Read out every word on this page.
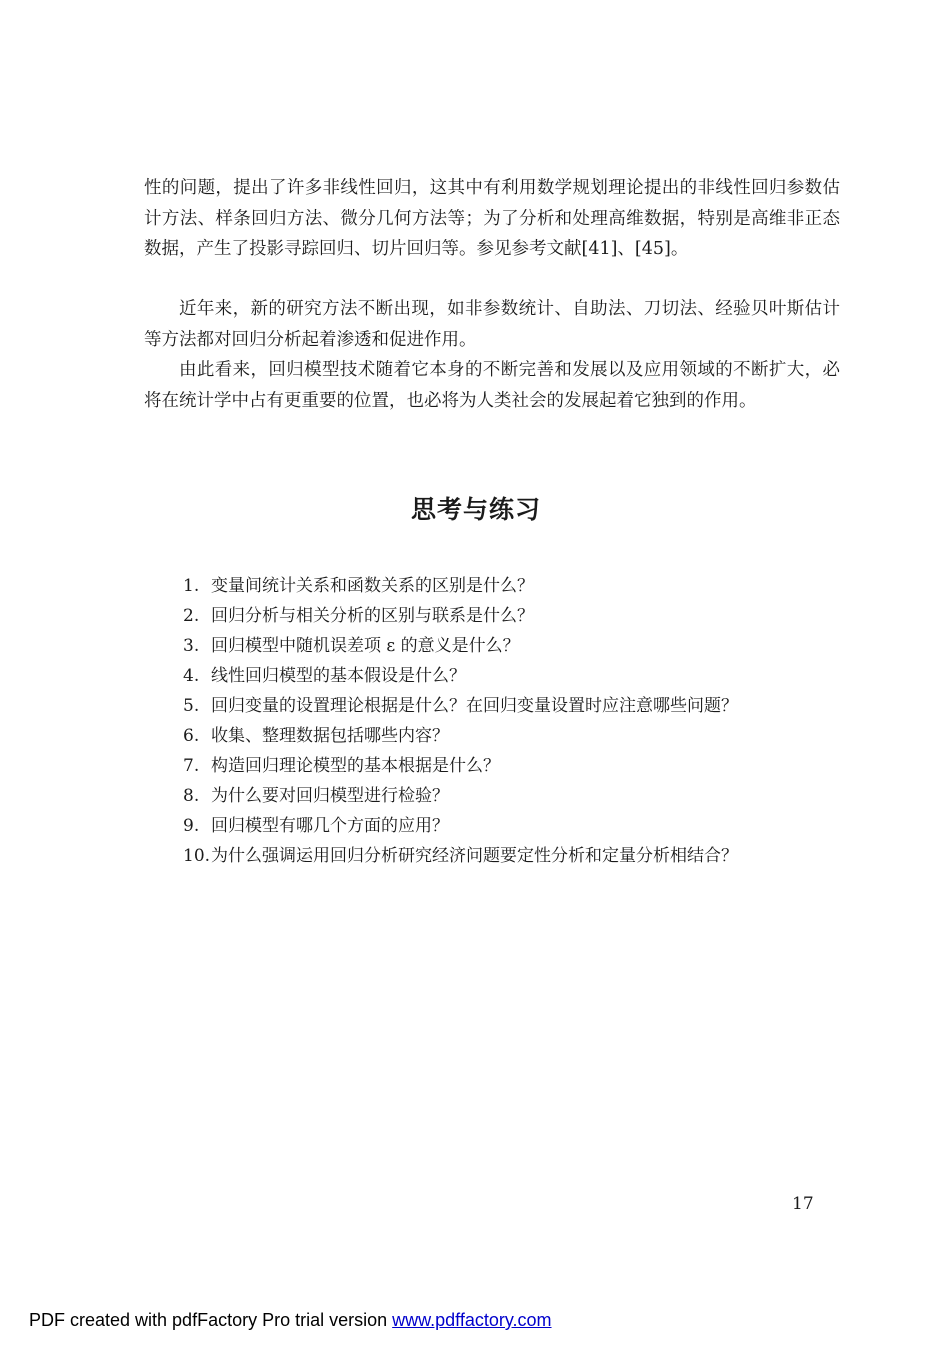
性的问题，提出了许多非线性回归，这其中有利用数学规划理论提出的非线性回归参数估计方法、样条回归方法、微分几何方法等；为了分析和处理高维数据，特别是高维非正态数据，产生了投影寻踪回归、切片回归等。参见参考文献[41]、[45]。

近年来，新的研究方法不断出现，如非参数统计、自助法、刀切法、经验贝叶斯估计等方法都对回归分析起着渗透和促进作用。

由此看来，回归模型技术随着它本身的不断完善和发展以及应用领域的不断扩大，必将在统计学中占有更重要的位置，也必将为人类社会的发展起着它独到的作用。

思考与练习
1. 变量间统计关系和函数关系的区别是什么？
2. 回归分析与相关分析的区别与联系是什么？
3. 回归模型中随机误差项 ε 的意义是什么？
4. 线性回归模型的基本假设是什么？
5. 回归变量的设置理论根据是什么？在回归变量设置时应注意哪些问题？
6. 收集、整理数据包括哪些内容？
7. 构造回归理论模型的基本根据是什么？
8. 为什么要对回归模型进行检验？
9. 回归模型有哪几个方面的应用？
10.为什么强调运用回归分析研究经济问题要定性分析和定量分析相结合？
17
PDF created with pdfFactory Pro trial version www.pdffactory.com
